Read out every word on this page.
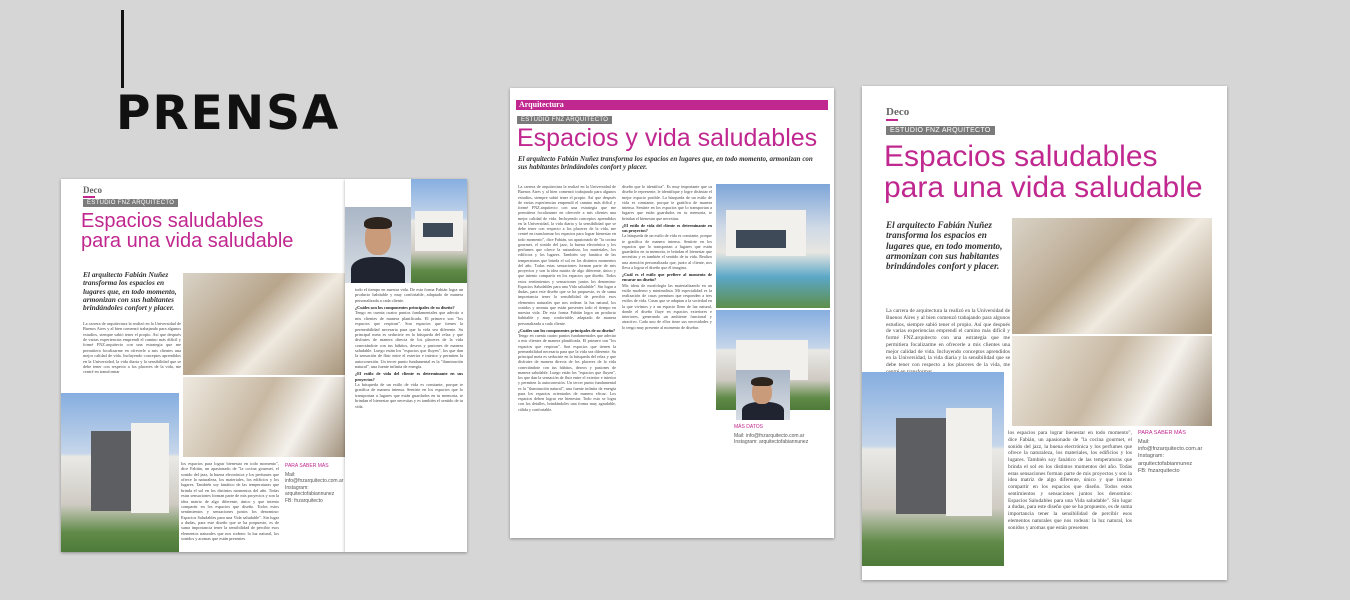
PRENSA
Deco
ESTUDIO FNZ ARQUITECTO
Espacios saludables
para una vida saludable
El arquitecto Fabián Nuñez transforma los espacios en lugares que, en todo momento, armonizan con sus habitantes brindándoles confort y placer.
La carrera de arquitectura la realizó en la Universidad de Buenos Aires y al bien comenzó trabajando para algunos estudios, siempre sabió tener el propio. Así que después de varias experiencias emprendí el camino más difícil y formé FNZ.arquitecto con una estrategia que me permitiera focalizarme en ofrecerle a mis clientes una mejor calidad de vida. Incluyendo conceptos aprendidos en la Universidad, la vida diaria y la sensibilidad que se debe tener con respecto a los placeres de la vida, me centré en transformar
los espacios para lograr bienestar en todo momento", dice Fabián, un apasionado de "la cocina gourmet, el sonido del jazz, la buena electrónica y los perfumes que ofrece la naturaleza, los materiales, los edificios y los lugares. También soy fanático de las temperaturas que brinda el sol en los distintos momentos del año. Todas estas sensaciones forman parte de mis proyectos y son la idea matriz de algo diferente, único y que intento compartir en los espacios que diseño. Todos estos sentimientos y sensaciones juntos los denomino: Espacios Saludables para una Vida saludable". Sin lugar a dudas, para este diseño que se ha propuesto, es de suma importancia tener la sensibilidad de percibir esos elementos naturales que nos rodean: la luz natural, los sonidos y aromas que están presentes
PARA SABER MÁS
Mail:
info@fnzarquitecto.com.ar
Instagram:
arquitectofabiannunez
FB: fnzarquitecto
todo el tiempo en nuestra vida. De esta forma Fabián logra un producto habitable y muy confortable, adaptado de manera personalizada a cada cliente.
¿Cuáles son los componentes principales de su diseño?
Tengo en cuenta cuatro puntos fundamentales que adecúo a mis clientes de manera planificada. El primero son "los espacios que respiran". Son espacios que tienen la permeabilidad necesaria para que la vida sea diferente. Su principal meta es seducirte en la búsqueda del relax y que disfrutes de manera directa de los placeres de la vida conectándote con tus hábitos, deseos y pasiones de manera saludable. Luego están los "espacios que fluyen", los que dan la sensación de fluir entre el exterior e interior y permiten la autoconexión. Un tercer punto fundamental es la "iluminación natural", una fuente infinita de energía.
¿El estilo de vida del cliente es determinante en sus proyectos?
La búsqueda de un estilo de vida es constante, porque te gratifica de manera intensa. Sentirte en los espacios que lo transportan a lugares que están guardados en tu memoria, te brindan el bienestar que necesitas y es también el sentido de tu vida.
Arquitectura
ESTUDIO FNZ ARQUITECTO
Espacios y vida saludables
El arquitecto Fabián Nuñez transforma los espacios en lugares que, en todo momento, armonizan con sus habitantes brindándoles confort y placer.
La carrera de arquitectura la realizó en la Universidad de Buenos Aires y al bien comenzó trabajando para algunos estudios, siempre sabió tener el propio. Así que después de varias experiencias emprendí el camino más difícil y formé FNZ.arquitecto con una estrategia que me permitiera focalizarme en ofrecerle a mis clientes una mejor calidad de vida. Incluyendo conceptos aprendidos en la Universidad, la vida diaria y la sensibilidad que se debe tener con respecto a los placeres de la vida, me centré en transformar los espacios para lograr bienestar en todo momento", dice Fabián, un apasionado de "la cocina gourmet, el sonido del jazz, la buena electrónica y los perfumes que ofrece la naturaleza, los materiales, los edificios y los lugares. También soy fanático de las temperaturas que brinda el sol en los distintos momentos del año. Todas estas sensaciones forman parte de mis proyectos y son la idea matriz de algo diferente, único y que intento compartir en los espacios que diseño. Todos estos sentimientos y sensaciones juntos los denomino: Espacios Saludables para una Vida saludable". Sin lugar a dudas, para este diseño que se ha propuesto, es de suma importancia tener la sensibilidad de percibir esos elementos naturales que nos rodean: la luz natural, los sonidos y aromas que están presentes todo el tiempo en nuestra vida. De esta forma Fabián logra un producto habitable y muy confortable, adaptado de manera personalizada a cada cliente.
¿Cuáles son los componentes principales de su diseño?
Tengo en cuenta cuatro puntos fundamentales que adecúo a mis clientes de manera planificada. El primero son "los espacios que respiran". Son espacios que tienen la permeabilidad necesaria para que la vida sea diferente. Su principal meta es seducirte en la búsqueda del relax y que disfrutes de manera directa de los placeres de la vida conectándote con tus hábitos, deseos y pasiones de manera saludable. Luego están los "espacios que fluyen", los que dan la sensación de fluir entre el exterior e interior y permiten la autoconexión. Un tercer punto fundamental es la "iluminación natural", una fuente infinita de energía para los espacios orientados de manera eficaz. Los espacios deben lograr ese bienestar. Todo esto se logra con los detalles, brindándoles una forma muy agradable, cálida y confortable.
diseño que lo identifica". Es muy importante que su diseño le represente, le identifique y logre disfrutar el mejor espacio posible. La búsqueda de un estilo de vida es constante, porque te gratifica de manera intensa. Sentirte en los espacios que lo transportan a lugares que están guardados en tu memoria, te brindan el bienestar que necesitas.
¿El estilo de vida del cliente es determinante en sus proyectos?
La búsqueda de un estilo de vida es constante, porque te gratifica de manera intensa. Sentirte en los espacios que lo transportan a lugares que están guardados en tu memoria, te brindan el bienestar que necesitas y es también el sentido de tu vida. Realizo una atención personalizada que, junto al cliente, nos lleva a lograr el diseño que él imagina.
¿Cuál es el estilo que prefiere al momento de encarar un diseño?
Mis ideas de morfología las materializando en un estilo moderno y minimalista. Mi especialidad es la realización de casas premium que responden a tres estilos de vida. Casas que se adaptan a la sociedad en la que vivimos y a un espacio lleno de luz natural, donde el diseño fluye en espacios exteriores e interiores, generando un ambiente funcional y atractivo. Cada uno de ellos tiene sus necesidades y lo tengo muy presente al momento de diseñar.
MÁS DATOS
Mail: info@fnzarquitecto.com.ar
Instagram: arquitectofabiannunez
Deco
ESTUDIO FNZ ARQUITECTO
Espacios saludables
para una vida saludable
El arquitecto Fabián Nuñez transforma los espacios en lugares que, en todo momento, armonizan con sus habitantes brindándoles confort y placer.
La carrera de arquitectura la realizó en la Universidad de Buenos Aires y al bien comenzó trabajando para algunos estudios, siempre sabió tener el propio. Así que después de varias experiencias emprendí el camino más difícil y formé FNZ.arquitecto con una estrategia que me permitiera focalizarme en ofrecerle a mis clientes una mejor calidad de vida. Incluyendo conceptos aprendidos en la Universidad, la vida diaria y la sensibilidad que se debe tener con respecto a los placeres de la vida, me
los espacios para lograr bienestar en todo momento", dice Fabián, un apasionado de "la cocina gourmet, el sonido del jazz, la buena electrónica y los perfumes que ofrece la naturaleza, los materiales, los edificios y los lugares. También soy fanático de las temperaturas que brinda el sol en los distintos momentos del año. Todas estas sensaciones forman parte de mis proyectos y son la idea matriz de algo diferente, único y que intento compartir en los espacios que diseño. Todos estos sentimientos y sensaciones juntos los denomino: Espacios Saludables para una Vida saludable". Sin lugar a dudas, para este diseño que se ha propuesto, es de suma importancia tener la sensibilidad de percibir esos elementos naturales que nos rodean: la luz natural, los sonidos y aromas que están presentes
PARA SABER MÁS
Mail:
info@fnzarquitecto.com.ar
Instagram:
arquitectofabiannunez
FB: fnzarquitecto
